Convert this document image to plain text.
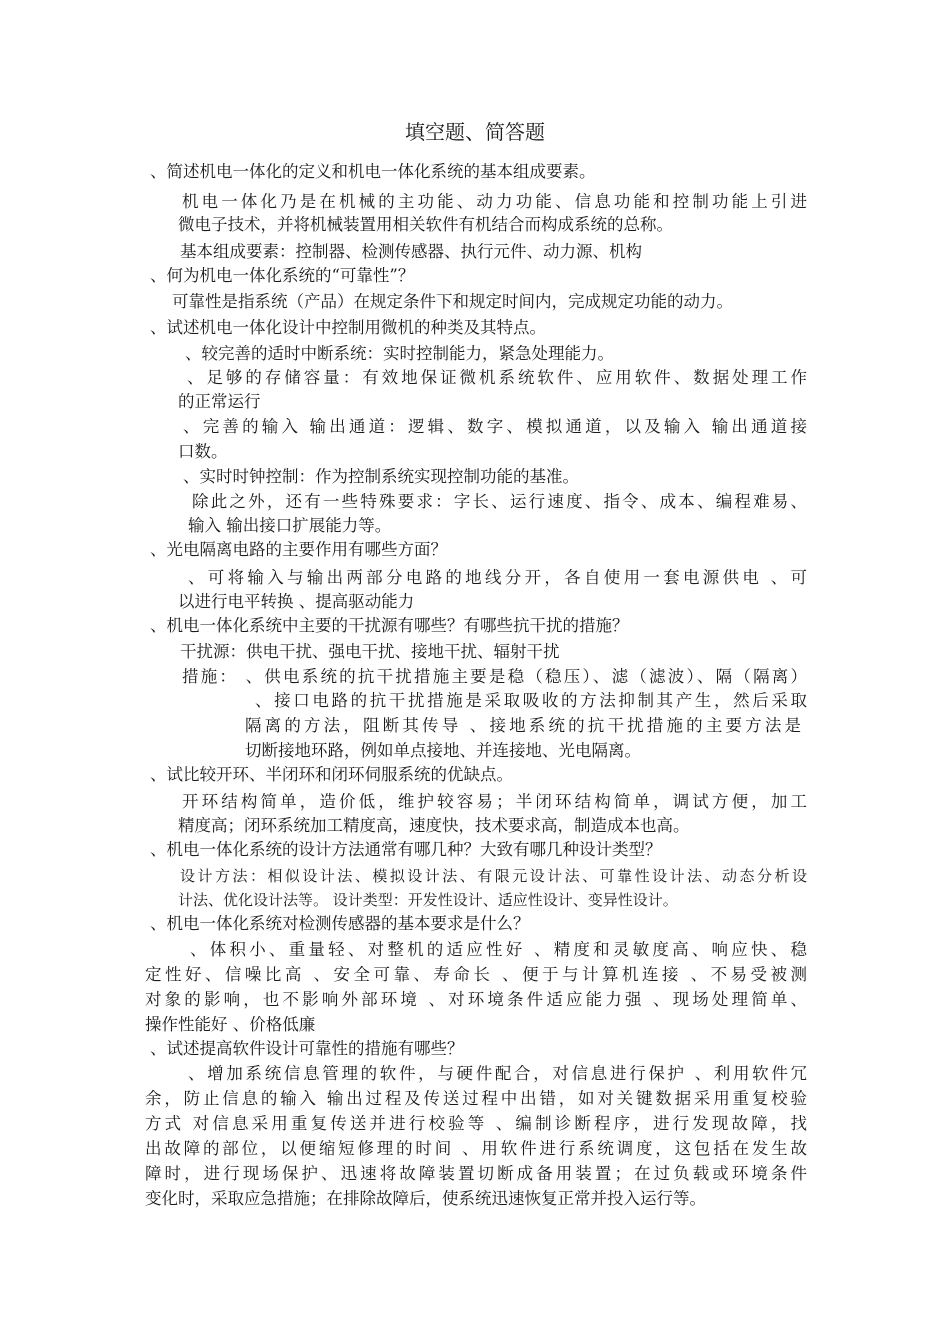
填空题、简答题
、简述机电一体化的定义和机电一体化系统的基本组成要素。
机电一体化乃是在机械的主功能、动力功能、信息功能和控制功能上引进
微电子技术，并将机械装置用相关软件有机结合而构成系统的总称。
基本组成要素：控制器、检测传感器、执行元件、动力源、机构
、何为机电一体化系统的“可靠性”？
可靠性是指系统（产品）在规定条件下和规定时间内，完成规定功能的动力。
、试述机电一体化设计中控制用微机的种类及其特点。
、较完善的适时中断系统：实时控制能力，紧急处理能力。
、足够的存储容量：有效地保证微机系统软件、应用软件、数据处理工作
的正常运行
、完善的输入 输出通道：逻辑、数字、模拟通道，以及输入 输出通道接
口数。
、实时时钟控制：作为控制系统实现控制功能的基准。
除此之外，还有一些特殊要求：字长、运行速度、指令、成本、编程难易、
输入 输出接口扩展能力等。
、光电隔离电路的主要作用有哪些方面？
、可将输入与输出两部分电路的地线分开，各自使用一套电源供电 、可
以进行电平转换 、提高驱动能力
、机电一体化系统中主要的干扰源有哪些？有哪些抗干扰的措施？
干扰源：供电干扰、强电干扰、接地干扰、辐射干扰
措施： 、供电系统的抗干扰措施主要是稳（稳压）、滤（滤波）、隔（隔离）
、接口电路的抗干扰措施是采取吸收的方法抑制其产生，然后采取
隔离的方法，阻断其传导 、接地系统的抗干扰措施的主要方法是
切断接地环路，例如单点接地、并连接地、光电隔离。
、试比较开环、半闭环和闭环伺服系统的优缺点。
开环结构简单，造价低，维护较容易；半闭环结构简单，调试方便，加工
精度高；闭环系统加工精度高，速度快，技术要求高，制造成本也高。
、机电一体化系统的设计方法通常有哪几种？大致有哪几种设计类型？
设计方法：相似设计法、模拟设计法、有限元设计法、可靠性设计法、动态分析设
计法、优化设计法等。 设计类型：开发性设计、适应性设计、变异性设计。
、机电一体化系统对检测传感器的基本要求是什么？
、体积小、重量轻、对整机的适应性好 、精度和灵敏度高、响应快、稳
定性好、信噪比高 、安全可靠、寿命长 、便于与计算机连接 、不易受被测
对象的影响，也不影响外部环境 、对环境条件适应能力强 、现场处理简单、
操作性能好 、价格低廉
、试述提高软件设计可靠性的措施有哪些？
、增加系统信息管理的软件，与硬件配合，对信息进行保护 、利用软件冗
余，防止信息的输入 输出过程及传送过程中出错，如对关键数据采用重复校验
方式 对信息采用重复传送并进行校验等 、编制诊断程序，进行发现故障，找
出故障的部位，以便缩短修理的时间 、用软件进行系统调度，这包括在发生故
障时，进行现场保护、迅速将故障装置切断成备用装置；在过负载或环境条件
变化时，采取应急措施；在排除故障后，使系统迅速恢复正常并投入运行等。
